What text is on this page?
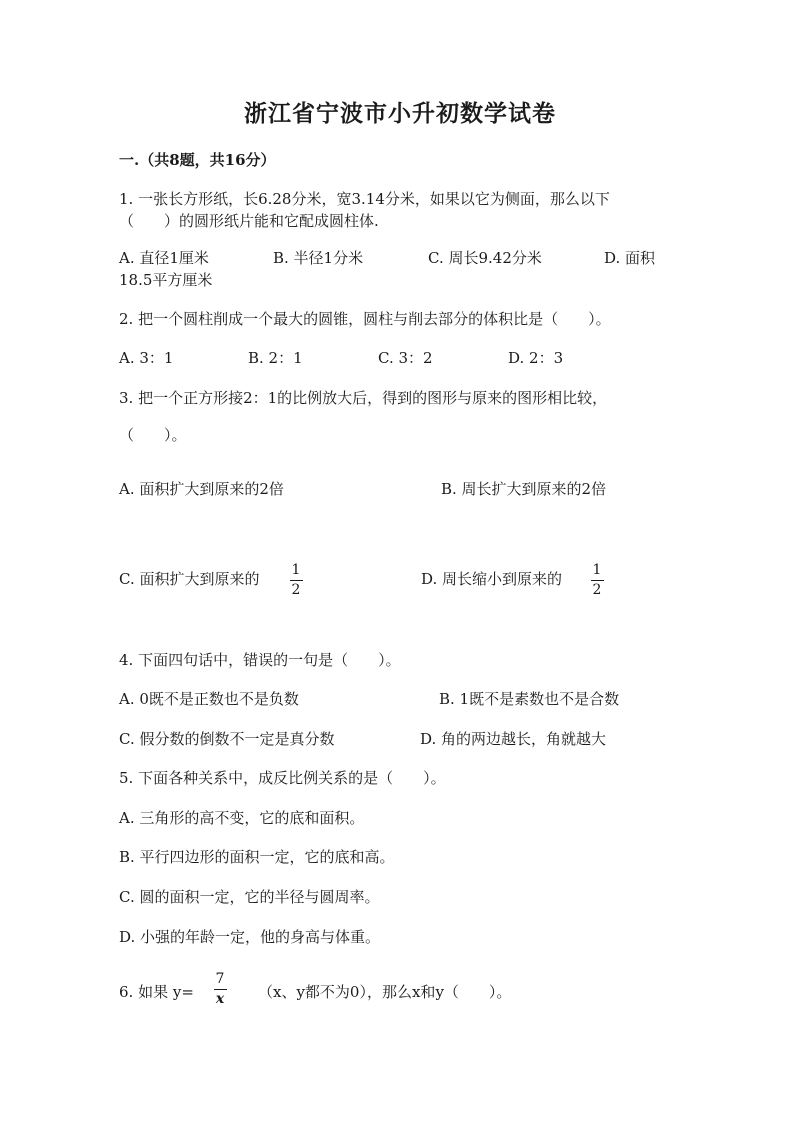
浙江省宁波市小升初数学试卷
一.（共8题，共16分）
1. 一张长方形纸，长6.28分米，宽3.14分米，如果以它为侧面，那么以下
（　　）的圆形纸片能和它配成圆柱体.
A. 直径1厘米	B. 半径1分米	C. 周长9.42分米	D. 面积
18.5平方厘米
2. 把一个圆柱削成一个最大的圆锥，圆柱与削去部分的体积比是（　　）。
A. 3：1	B. 2：1	C. 3：2	D. 2：3
3. 把一个正方形接2：1的比例放大后，得到的图形与原来的图形相比较，
（　　）。
A. 面积扩大到原来的2倍	B. 周长扩大到原来的2倍
C. 面积扩大到原来的 1
2
D. 周长缩小到原来的 1
2
4. 下面四句话中，错误的一句是（　　）。
A. 0既不是正数也不是负数	B. 1既不是素数也不是合数
C. 假分数的倒数不一定是真分数	D. 角的两边越长，角就越大
5. 下面各种关系中，成反比例关系的是（　　）。
A. 三角形的高不变，它的底和面积。
B. 平行四边形的面积一定，它的底和高。
C. 圆的面积一定，它的半径与圆周率。
D. 小强的年龄一定，他的身高与体重。
6. 如果 y=
7
x （x、y都不为0），那么x和y（　　）。
